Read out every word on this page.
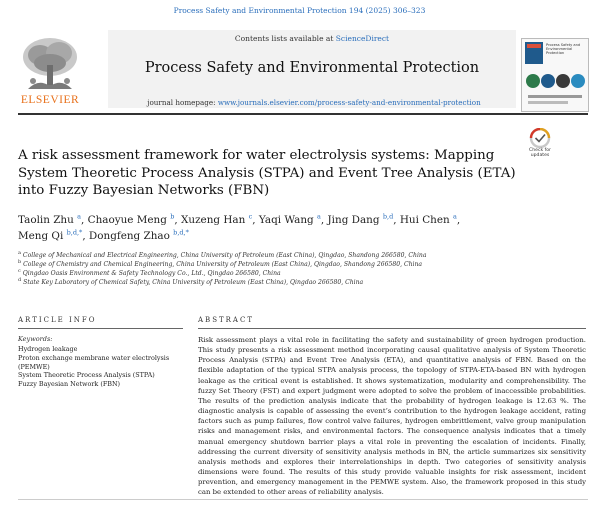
Process Safety and Environmental Protection 194 (2025) 306–323
Contents lists available at ScienceDirect
Process Safety and Environmental Protection
journal homepage: www.journals.elsevier.com/process-safety-and-environmental-protection
ELSEVIER
Process Safety and Environmental Protection
A risk assessment framework for water electrolysis systems: Mapping System Theoretic Process Analysis (STPA) and Event Tree Analysis (ETA) into Fuzzy Bayesian Networks (FBN)
Check for
updates
Taolin Zhu $^a$, Chaoyue Meng $^b$, Xuzeng Han $^c$, Yaqi Wang $^a$, Jing Dang $^{b,d}$, Hui Chen $^a$,
Meng Qi $^{b,d,*}$, Dongfeng Zhao $^{b,d,*}$
$^a$ College of Mechanical and Electrical Engineering, China University of Petroleum (East China), Qingdao, Shandong 266580, China
$^b$ College of Chemistry and Chemical Engineering, China University of Petroleum (East China), Qingdao, Shandong 266580, China
$^c$ Qingdao Oasis Environment & Safety Technology Co., Ltd., Qingdao 266580, China
$^d$ State Key Laboratory of Chemical Safety, China University of Petroleum (East China), Qingdao 266580, China
ARTICLE INFO
Keywords:
Hydrogen leakage
Proton exchange membrane water electrolysis (PEMWE)
System Theoretic Process Analysis (STPA)
Fuzzy Bayesian Network (FBN)
ABSTRACT
Risk assessment plays a vital role in facilitating the safety and sustainability of green hydrogen production. This study presents a risk assessment method incorporating causal qualitative analysis of System Theoretic Process Analysis (STPA) and Event Tree Analysis (ETA), and quantitative analysis of FBN. Based on the flexible adaptation of the typical STPA analysis process, the topology of STPA-ETA-based BN with hydrogen leakage as the critical event is established. It shows systematization, modularity and comprehensibility. The fuzzy Set Theory (FST) and expert judgment were adopted to solve the problem of inaccessible probabilities. The results of the prediction analysis indicate that the probability of hydrogen leakage is 12.63 %. The diagnostic analysis is capable of assessing the event’s contribution to the hydrogen leakage accident, rating factors such as pump failures, flow control valve failures, hydrogen embrittlement, valve group manipulation risks and management risks, and environmental factors. The consequence analysis indicates that a timely manual emergency shutdown barrier plays a vital role in preventing the escalation of incidents. Finally, addressing the current diversity of sensitivity analysis methods in BN, the article summarizes six sensitivity analysis methods and explores their interrelationships in depth. Two categories of sensitivity analysis dimensions were found. The results of this study provide valuable insights for risk assessment, incident prevention, and emergency management in the PEMWE system. Also, the framework proposed in this study can be extended to other areas of reliability analysis.
